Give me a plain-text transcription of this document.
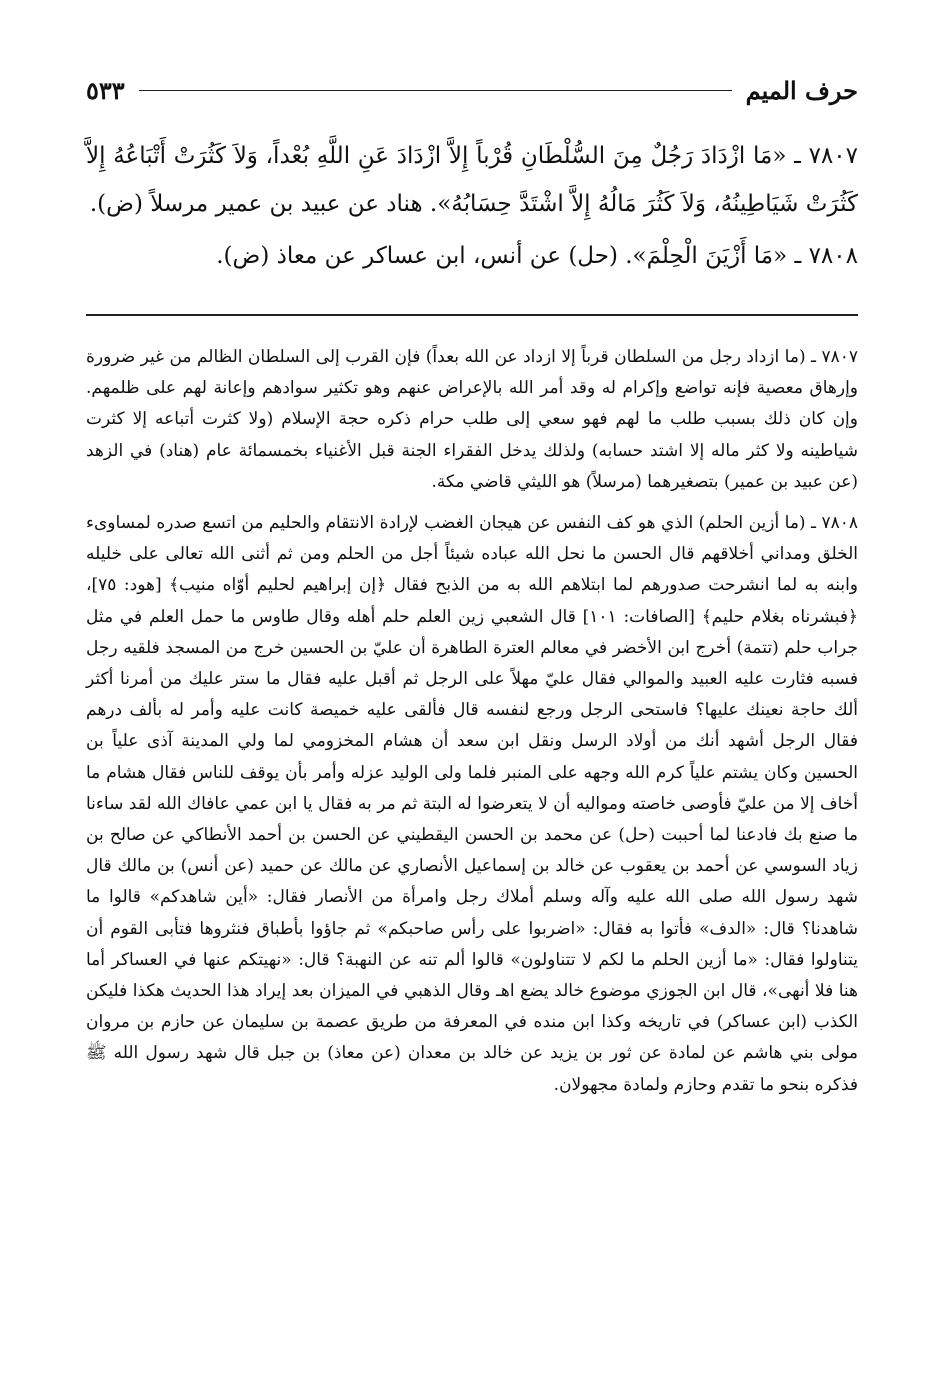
حرف الميم
٥٣٣

٧٨٠٧ ـ «مَا ازْدَادَ رَجُلٌ مِنَ السُّلْطَانِ قُرْباً إِلاَّ ازْدَادَ عَنِ اللَّهِ بُعْداً، وَلاَ كَثُرَتْ أَتْبَاعُهُ إِلاَّ كَثُرَتْ شَيَاطِينُهُ، وَلاَ كَثُرَ مَالُهُ إِلاَّ اشْتَدَّ حِسَابُهُ». هناد عن عبيد بن عمير مرسلاً (ض).

٧٨٠٨ ـ «مَا أَزْيَنَ الْحِلْمَ». (حل) عن أنس، ابن عساكر عن معاذ (ض).

٧٨٠٧ ـ (ما ازداد رجل من السلطان قرباً إلا ازداد عن الله بعداً) فإن القرب إلى السلطان الظالم من غير ضرورة وإرهاق معصية فإنه تواضع وإكرام له وقد أمر الله بالإعراض عنهم وهو تكثير سوادهم وإعانة لهم على ظلمهم. وإن كان ذلك بسبب طلب ما لهم فهو سعي إلى طلب حرام ذكره حجة الإسلام (ولا كثرت أتباعه إلا كثرت شياطينه ولا كثر ماله إلا اشتد حسابه) ولذلك يدخل الفقراء الجنة قبل الأغنياء بخمسمائة عام (هناد) في الزهد (عن عبيد بن عمير) بتصغيرهما (مرسلاً) هو الليثي قاضي مكة.

٧٨٠٨ ـ (ما أزين الحلم) الذي هو كف النفس عن هيجان الغضب لإرادة الانتقام والحليم من اتسع صدره لمساوىء الخلق ومداني أخلاقهم قال الحسن ما نحل الله عباده شيئاً أجل من الحلم ومن ثم أثنى الله تعالى على خليله وابنه به لما انشرحت صدورهم لما ابتلاهم الله به من الذبح فقال ﴿إن إبراهيم لحليم أوّاه منيب﴾ [هود: ٧٥]، ﴿فبشرناه بغلام حليم﴾ [الصافات: ١٠١] قال الشعبي زين العلم حلم أهله وقال طاوس ما حمل العلم في مثل جراب حلم (تتمة) أخرج ابن الأخضر في معالم العترة الطاهرة أن عليّ بن الحسين خرج من المسجد فلقيه رجل فسبه فثارت عليه العبيد والموالي فقال عليّ مهلاً على الرجل ثم أقبل عليه فقال ما ستر عليك من أمرنا أكثر ألك حاجة نعينك عليها؟ فاستحى الرجل ورجع لنفسه قال فألقى عليه خميصة كانت عليه وأمر له بألف درهم فقال الرجل أشهد أنك من أولاد الرسل ونقل ابن سعد أن هشام المخزومي لما ولي المدينة آذى علياً بن الحسين وكان يشتم علياً كرم الله وجهه على المنبر فلما ولى الوليد عزله وأمر بأن يوقف للناس فقال هشام ما أخاف إلا من عليّ فأوصى خاصته ومواليه أن لا يتعرضوا له البتة ثم مر به فقال يا ابن عمي عافاك الله لقد ساءنا ما صنع بك فادعنا لما أحببت (حل) عن محمد بن الحسن اليقطيني عن الحسن بن أحمد الأنطاكي عن صالح بن زياد السوسي عن أحمد بن يعقوب عن خالد بن إسماعيل الأنصاري عن مالك عن حميد (عن أنس) بن مالك قال شهد رسول الله صلى الله عليه وآله وسلم أملاك رجل وامرأة من الأنصار فقال: «أين شاهدكم» قالوا ما شاهدنا؟ قال: «الدف» فأتوا به فقال: «اضربوا على رأس صاحبكم» ثم جاؤوا بأطباق فنثروها فتأبى القوم أن يتناولوا فقال: «ما أزين الحلم ما لكم لا تتناولون» قالوا ألم تنه عن النهبة؟ قال: «نهيتكم عنها في العساكر أما هنا فلا أنهى»، قال ابن الجوزي موضوع خالد يضع اهـ وقال الذهبي في الميزان بعد إيراد هذا الحديث هكذا فليكن الكذب (ابن عساكر) في تاريخه وكذا ابن منده في المعرفة من طريق عصمة بن سليمان عن حازم بن مروان مولى بني هاشم عن لمادة عن ثور بن يزيد عن خالد بن معدان (عن معاذ) بن جبل قال شهد رسول الله ﷺ فذكره بنحو ما تقدم وحازم ولمادة مجهولان.
